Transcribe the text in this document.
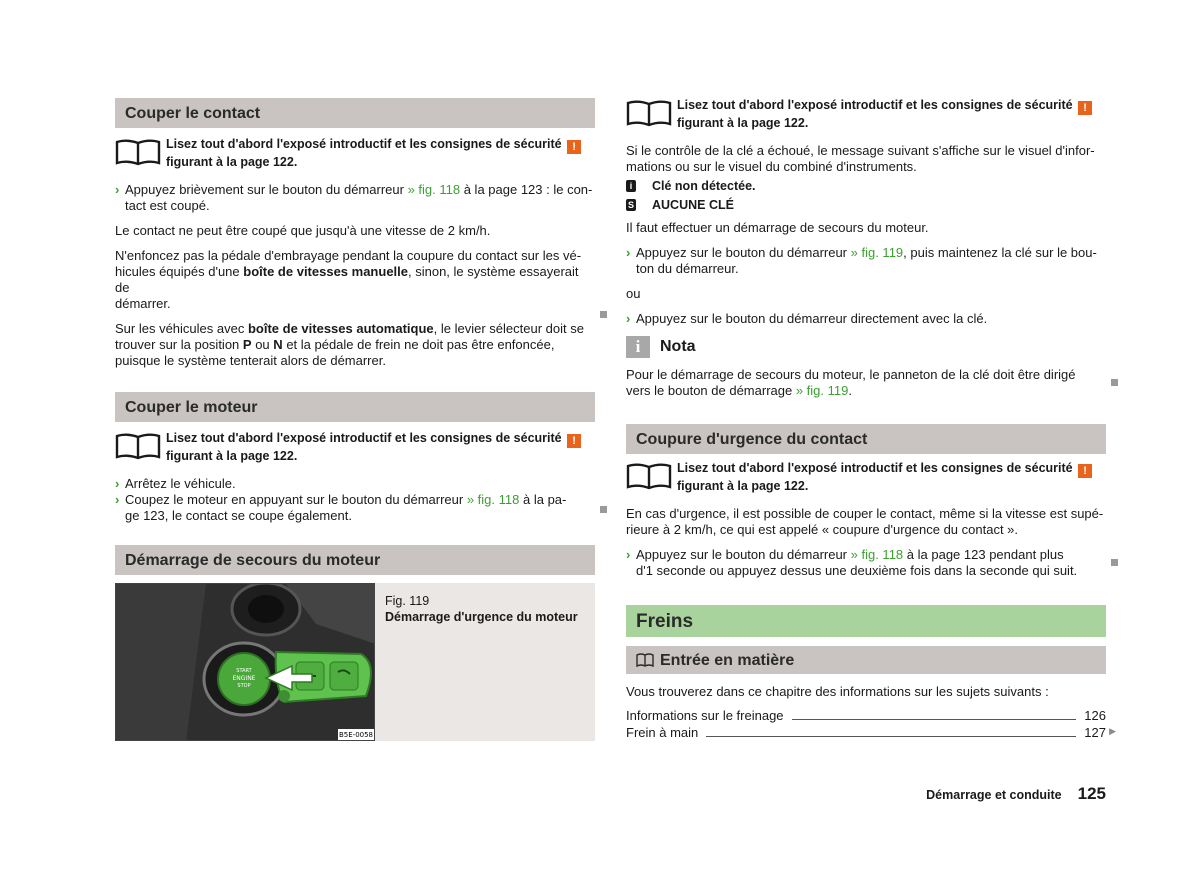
Couper le contact
Lisez tout d'abord l'exposé introductif et les consignes de sécurité !
figurant à la page 122.
› Appuyez brièvement sur le bouton du démarreur » fig. 118 à la page 123 : le con-
tact est coupé.

Le contact ne peut être coupé que jusqu'à une vitesse de 2 km/h.

N'enfoncez pas la pédale d'embrayage pendant la coupure du contact sur les vé-
hicules équipés d'une boîte de vitesses manuelle, sinon, le système essayerait de
démarrer.

Sur les véhicules avec boîte de vitesses automatique, le levier sélecteur doit se
trouver sur la position P ou N et la pédale de frein ne doit pas être enfoncée,
puisque le système tenterait alors de démarrer.

Couper le moteur
Lisez tout d'abord l'exposé introductif et les consignes de sécurité !
figurant à la page 122.
› Arrêtez le véhicule.
› Coupez le moteur en appuyant sur le bouton du démarreur » fig. 118 à la pa-
ge 123, le contact se coupe également.
Démarrage de secours du moteur
START
ENGINE
STOP
B5E-0058
Fig. 119
Démarrage d'urgence du moteur
Lisez tout d'abord l'exposé introductif et les consignes de sécurité !
figurant à la page 122.

Si le contrôle de la clé a échoué, le message suivant s'affiche sur le visuel d'infor-
mations ou sur le visuel du combiné d'instruments.

i	Clé non détectée.
S AUCUNE CLÉ

Il faut effectuer un démarrage de secours du moteur.

› Appuyez sur le bouton du démarreur » fig. 119, puis maintenez la clé sur le bou-
ton du démarreur.

ou

› Appuyez sur le bouton du démarreur directement avec la clé.
i	Nota

Pour le démarrage de secours du moteur, le panneton de la clé doit être dirigé
vers le bouton de démarrage » fig. 119.

Coupure d'urgence du contact
Lisez tout d'abord l'exposé introductif et les consignes de sécurité !
figurant à la page 122.

En cas d'urgence, il est possible de couper le contact, même si la vitesse est supé-
rieure à 2 km/h, ce qui est appelé « coupure d'urgence du contact ».

› Appuyez sur le bouton du démarreur » fig. 118 à la page 123 pendant plus
d'1 seconde ou appuyez dessus une deuxième fois dans la seconde qui suit.
Freins
Entrée en matière

Vous trouverez dans ce chapitre des informations sur les sujets suivants :

Informations sur le freinage	126
Frein à main	127 ▶
Démarrage et conduite 125
